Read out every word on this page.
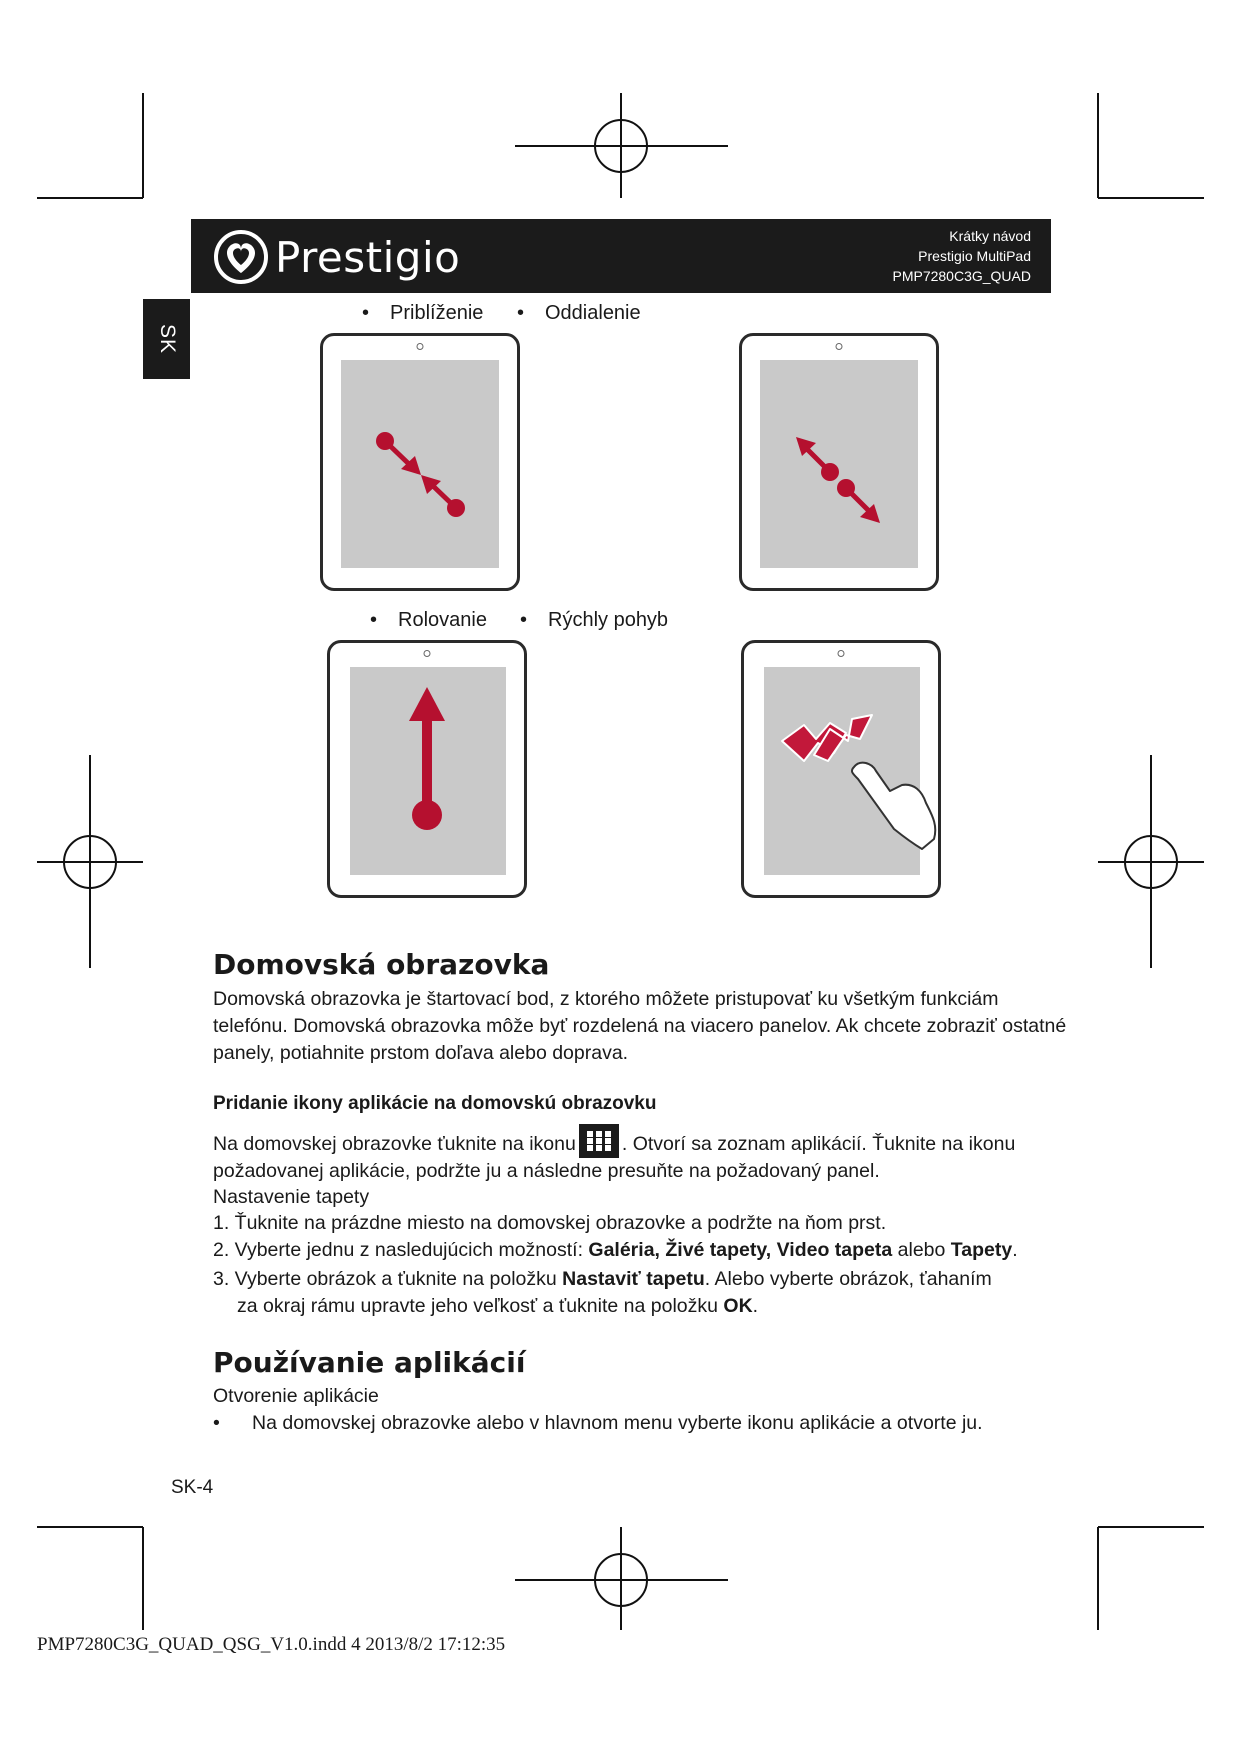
Prestigio	Krátky návod
Prestigio MultiPad
PMP7280C3G_QUAD
SK
• Priblíženie • Oddialenie
• Rolovanie • Rýchly pohyb
Domovská obrazovka
Domovská obrazovka je štartovací bod, z ktorého môžete pristupovať ku všetkým funkciám telefónu. Domovská obrazovka môže byť rozdelená na viacero panelov. Ak chcete zobraziť ostatné panely, potiahnite prstom doľava alebo doprava.
Pridanie ikony aplikácie na domovskú obrazovku
Na domovskej obrazovke ťuknite na ikonu . Otvorí sa zoznam aplikácií. Ťuknite na ikonu
požadovanej aplikácie, podržte ju a následne presuňte na požadovaný panel.
Nastavenie tapety
1. Ťuknite na prázdne miesto na domovskej obrazovke a podržte na ňom prst.
2. Vyberte jednu z nasledujúcich možností: Galéria, Živé tapety, Video tapeta alebo Tapety.
3. Vyberte obrázok a ťuknite na položku Nastaviť tapetu. Alebo vyberte obrázok, ťahaním
za okraj rámu upravte jeho veľkosť a ťuknite na položku OK.
Používanie aplikácií
Otvorenie aplikácie
• Na domovskej obrazovke alebo v hlavnom menu vyberte ikonu aplikácie a otvorte ju.
SK-4
PMP7280C3G_QUAD_QSG_V1.0.indd 4 2013/8/2 17:12:35
